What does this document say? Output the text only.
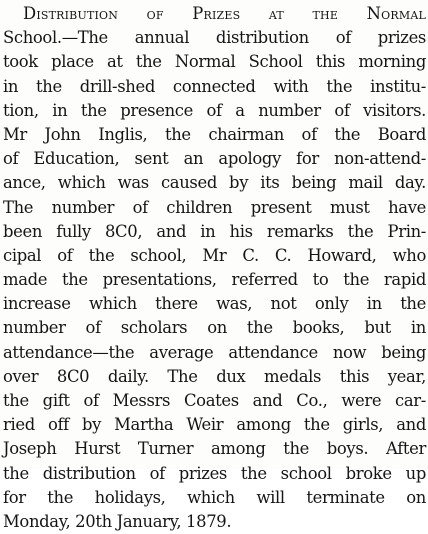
Distribution of Prizes at the Normal
School.—The annual distribution of prizes
took place at the Normal School this morning
in the drill-shed connected with the institu-
tion, in the presence of a number of visitors.
Mr John Inglis, the chairman of the Board
of Education, sent an apology for non-attend-
ance, which was caused by its being mail day.
The number of children present must have
been fully 8C0, and in his remarks the Prin-
cipal of the school, Mr C. C. Howard, who
made the presentations, referred to the rapid
increase which there was, not only in the
number of scholars on the books, but in
attendance—the average attendance now being
over 8C0 daily. The dux medals this year,
the gift of Messrs Coates and Co., were car-
ried off by Martha Weir among the girls, and
Joseph Hurst Turner among the boys. After
the distribution of prizes the school broke up
for the holidays, which will terminate on
Monday, 20th January, 1879.
